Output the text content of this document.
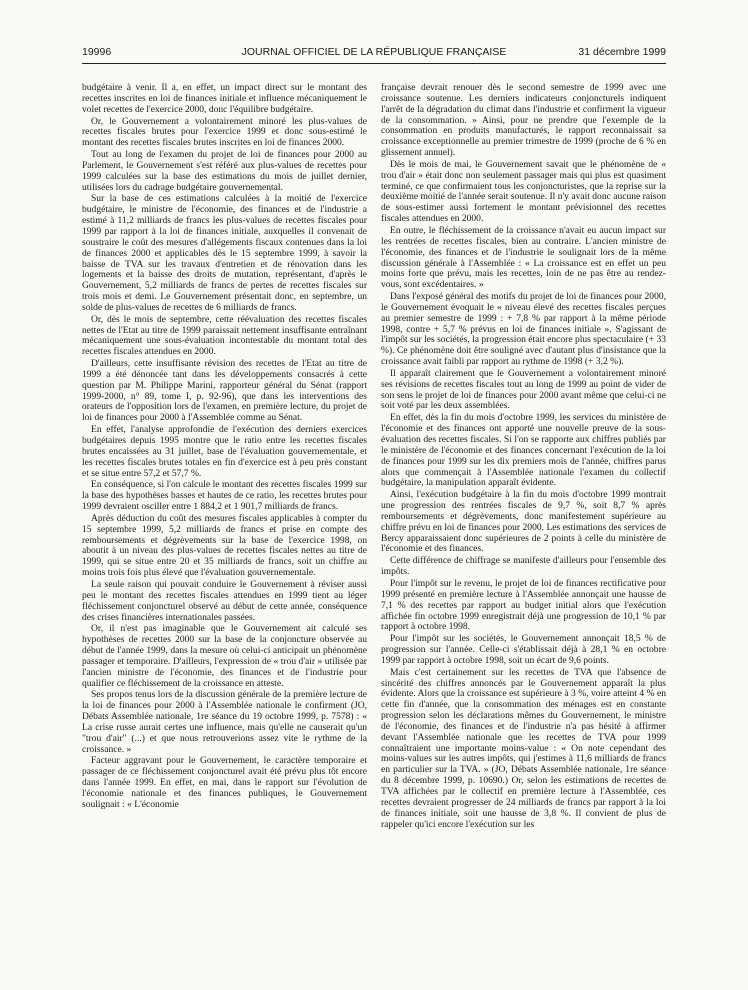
19996	JOURNAL OFFICIEL DE LA RÉPUBLIQUE FRANÇAISE	31 décembre 1999

budgétaire à venir. Il a, en effet, un impact direct sur le montant des recettes inscrites en loi de finances initiale et influence mécaniquement le volet recettes de l'exercice 2000, donc l'équilibre budgétaire.

Or, le Gouvernement a volontairement minoré les plus-values de recettes fiscales brutes pour l'exercice 1999 et donc sous-estimé le montant des recettes fiscales brutes inscrites en loi de finances 2000.

Tout au long de l'examen du projet de loi de finances pour 2000 au Parlement, le Gouvernement s'est référé aux plus-values de recettes pour 1999 calculées sur la base des estimations du mois de juillet dernier, utilisées lors du cadrage budgétaire gouvernemental.

Sur la base de ces estimations calculées à la moitié de l'exercice budgétaire, le ministre de l'économie, des finances et de l'industrie a estimé à 11,2 milliards de francs les plus-values de recettes fiscales pour 1999 par rapport à la loi de finances initiale, auxquelles il convenait de soustraire le coût des mesures d'allégements fiscaux contenues dans la loi de finances 2000 et applicables dès le 15 septembre 1999, à savoir la baisse de TVA sur les travaux d'entretien et de rénovation dans les logements et la baisse des droits de mutation, représentant, d'après le Gouvernement, 5,2 milliards de francs de pertes de recettes fiscales sur trois mois et demi. Le Gouvernement présentait donc, en septembre, un solde de plus-values de recettes de 6 milliards de francs.

Or, dès le mois de septembre, cette réévaluation des recettes fiscales nettes de l'Etat au titre de 1999 paraissait nettement insuffisante entraînant mécaniquement une sous-évaluation incontestable du montant total des recettes fiscales attendues en 2000.

D'ailleurs, cette insuffisante révision des recettes de l'Etat au titre de 1999 a été dénoncée tant dans les développements consacrés à cette question par M. Philippe Marini, rapporteur général du Sénat (rapport 1999-2000, n° 89, tome I, p. 92-96), que dans les interventions des orateurs de l'opposition lors de l'examen, en première lecture, du projet de loi de finances pour 2000 à l'Assemblée comme au Sénat.

En effet, l'analyse approfondie de l'exécution des derniers exercices budgétaires depuis 1995 montre que le ratio entre les recettes fiscales brutes encaissées au 31 juillet, base de l'évaluation gouvernementale, et les recettes fiscales brutes totales en fin d'exercice est à peu près constant et se situe entre 57,2 et 57,7 %.

En conséquence, si l'on calcule le montant des recettes fiscales 1999 sur la base des hypothèses basses et hautes de ce ratio, les recettes brutes pour 1999 devraient osciller entre 1 884,2 et 1 901,7 milliards de francs.

Après déduction du coût des mesures fiscales applicables à compter du 15 septembre 1999, 5,2 milliards de francs et prise en compte des remboursements et dégrèvements sur la base de l'exercice 1998, on aboutit à un niveau des plus-values de recettes fiscales nettes au titre de 1999, qui se situe entre 20 et 35 milliards de francs, soit un chiffre au moins trois fois plus élevé que l'évaluation gouvernementale.

La seule raison qui pouvait conduire le Gouvernement à réviser aussi peu le montant des recettes fiscales attendues en 1999 tient au léger fléchissement conjoncturel observé au début de cette année, conséquence des crises financières internationales passées.

Or, il n'est pas imaginable que le Gouvernement ait calculé ses hypothèses de recettes 2000 sur la base de la conjoncture observée au début de l'année 1999, dans la mesure où celui-ci anticipait un phénomène passager et temporaire. D'ailleurs, l'expression de « trou d'air » utilisée par l'ancien ministre de l'économie, des finances et de l'industrie pour qualifier ce fléchissement de la croissance en atteste.

Ses propos tenus lors de la discussion générale de la première lecture de la loi de finances pour 2000 à l'Assemblée nationale le confirment (JO, Débats Assemblée nationale, 1re séance du 19 octobre 1999, p. 7578) : « La crise russe aurait certes une influence, mais qu'elle ne causerait qu'un "trou d'air" (...) et que nous retrouverions assez vite le rythme de la croissance. »

Facteur aggravant pour le Gouvernement, le caractère temporaire et passager de ce fléchissement conjoncturel avait été prévu plus tôt encore dans l'année 1999. En effet, en mai, dans le rapport sur l'évolution de l'économie nationale et des finances publiques, le Gouvernement soulignait : « L'économie

française devrait renouer dès le second semestre de 1999 avec une croissance soutenue. Les derniers indicateurs conjoncturels indiquent l'arrêt de la dégradation du climat dans l'industrie et confirment la vigueur de la consommation. » Ainsi, pour ne prendre que l'exemple de la consommation en produits manufacturés, le rapport reconnaissait sa croissance exceptionnelle au premier trimestre de 1999 (proche de 6 % en glissement annuel).

Dès le mois de mai, le Gouvernement savait que le phénomène de « trou d'air » était donc non seulement passager mais qui plus est quasiment terminé, ce que confirmaient tous les conjoncturistes, que la reprise sur la deuxième moitié de l'année serait soutenue. Il n'y avait donc aucune raison de sous-estimer aussi fortement le montant prévisionnel des recettes fiscales attendues en 2000.

En outre, le fléchissement de la croissance n'avait eu aucun impact sur les rentrées de recettes fiscales, bien au contraire. L'ancien ministre de l'économie, des finances et de l'industrie le soulignait lors de la même discussion générale à l'Assemblée : « La croissance est en effet un peu moins forte que prévu, mais les recettes, loin de ne pas être au rendez-vous, sont excédentaires. »

Dans l'exposé général des motifs du projet de loi de finances pour 2000, le Gouvernement évoquait le « niveau élevé des recettes fiscales perçues au premier semestre de 1999 : + 7,8 % par rapport à la même période 1998, contre + 5,7 % prévus en loi de finances initiale ». S'agissant de l'impôt sur les sociétés, la progression était encore plus spectaculaire (+ 33 %). Ce phénomène doit être souligné avec d'autant plus d'insistance que la croissance avait faibli par rapport au rythme de 1998 (+ 3,2 %).

Il apparaît clairement que le Gouvernement a volontairement minoré ses révisions de recettes fiscales tout au long de 1999 au point de vider de son sens le projet de loi de finances pour 2000 avant même que celui-ci ne soit voté par les deux assemblées.

En effet, dès la fin du mois d'octobre 1999, les services du ministère de l'économie et des finances ont apporté une nouvelle preuve de la sous-évaluation des recettes fiscales. Si l'on se rapporte aux chiffres publiés par le ministère de l'économie et des finances concernant l'exécution de la loi de finances pour 1999 sur les dix premiers mois de l'année, chiffres parus alors que commençait à l'Assemblée nationale l'examen du collectif budgétaire, la manipulation apparaît évidente.

Ainsi, l'exécution budgétaire à la fin du mois d'octobre 1999 montrait une progression des rentrées fiscales de 9,7 %, soit 8,7 % après remboursements et dégrèvements, donc manifestement supérieure au chiffre prévu en loi de finances pour 2000. Les estimations des services de Bercy apparaissaient donc supérieures de 2 points à celle du ministère de l'économie et des finances.

Cette différence de chiffrage se manifeste d'ailleurs pour l'ensemble des impôts.

Pour l'impôt sur le revenu, le projet de loi de finances rectificative pour 1999 présenté en première lecture à l'Assemblée annonçait une hausse de 7,1 % des recettes par rapport au budget initial alors que l'exécution affichée fin octobre 1999 enregistrait déjà une progression de 10,1 % par rapport à octobre 1998.

Pour l'impôt sur les sociétés, le Gouvernement annonçait 18,5 % de progression sur l'année. Celle-ci s'établissait déjà à 28,1 % en octobre 1999 par rapport à octobre 1998, soit un écart de 9,6 points.

Mais c'est certainement sur les recettes de TVA que l'absence de sincérité des chiffres annoncés par le Gouvernement apparaît la plus évidente. Alors que la croissance est supérieure à 3 %, voire atteint 4 % en cette fin d'année, que la consommation des ménages est en constante progression selon les déclarations mêmes du Gouvernement, le ministre de l'économie, des finances et de l'industrie n'a pas hésité à affirmer devant l'Assemblée nationale que les recettes de TVA pour 1999 connaîtraient une importante moins-value : « On note cependant des moins-values sur les autres impôts, qui j'estimes à 11,6 milliards de francs en particulier sur la TVA. » (JO, Débats Assemblée nationale, 1re séance du 8 décembre 1999, p. 10690.) Or, selon les estimations de recettes de TVA affichées par le collectif en première lecture à l'Assemblée, ces recettes devraient progresser de 24 milliards de francs par rapport à la loi de finances initiale, soit une hausse de 3,8 %. Il convient de plus de rappeler qu'ici encore l'exécution sur les
